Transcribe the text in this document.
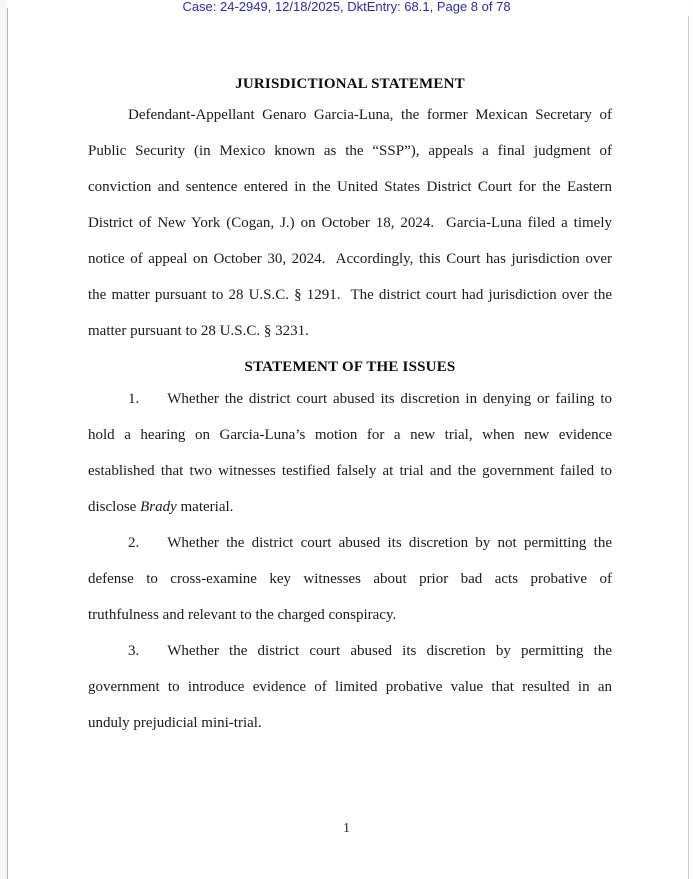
Case: 24-2949, 12/18/2025, DktEntry: 68.1, Page 8 of 78
JURISDICTIONAL STATEMENT
Defendant-Appellant Genaro Garcia-Luna, the former Mexican Secretary of
Public Security (in Mexico known as the “SSP”), appeals a final judgment of
conviction and sentence entered in the United States District Court for the Eastern
District of New York (Cogan, J.) on October 18, 2024.  Garcia-Luna filed a timely
notice of appeal on October 30, 2024.  Accordingly, this Court has jurisdiction over
the matter pursuant to 28 U.S.C. § 1291.  The district court had jurisdiction over the
matter pursuant to 28 U.S.C. § 3231.
STATEMENT OF THE ISSUES
1. Whether the district court abused its discretion in denying or failing to
hold a hearing on Garcia-Luna’s motion for a new trial, when new evidence
established that two witnesses testified falsely at trial and the government failed to
disclose Brady material.
2. Whether the district court abused its discretion by not permitting the
defense to cross-examine key witnesses about prior bad acts probative of
truthfulness and relevant to the charged conspiracy.
3. Whether the district court abused its discretion by permitting the
government to introduce evidence of limited probative value that resulted in an
unduly prejudicial mini-trial.
1
